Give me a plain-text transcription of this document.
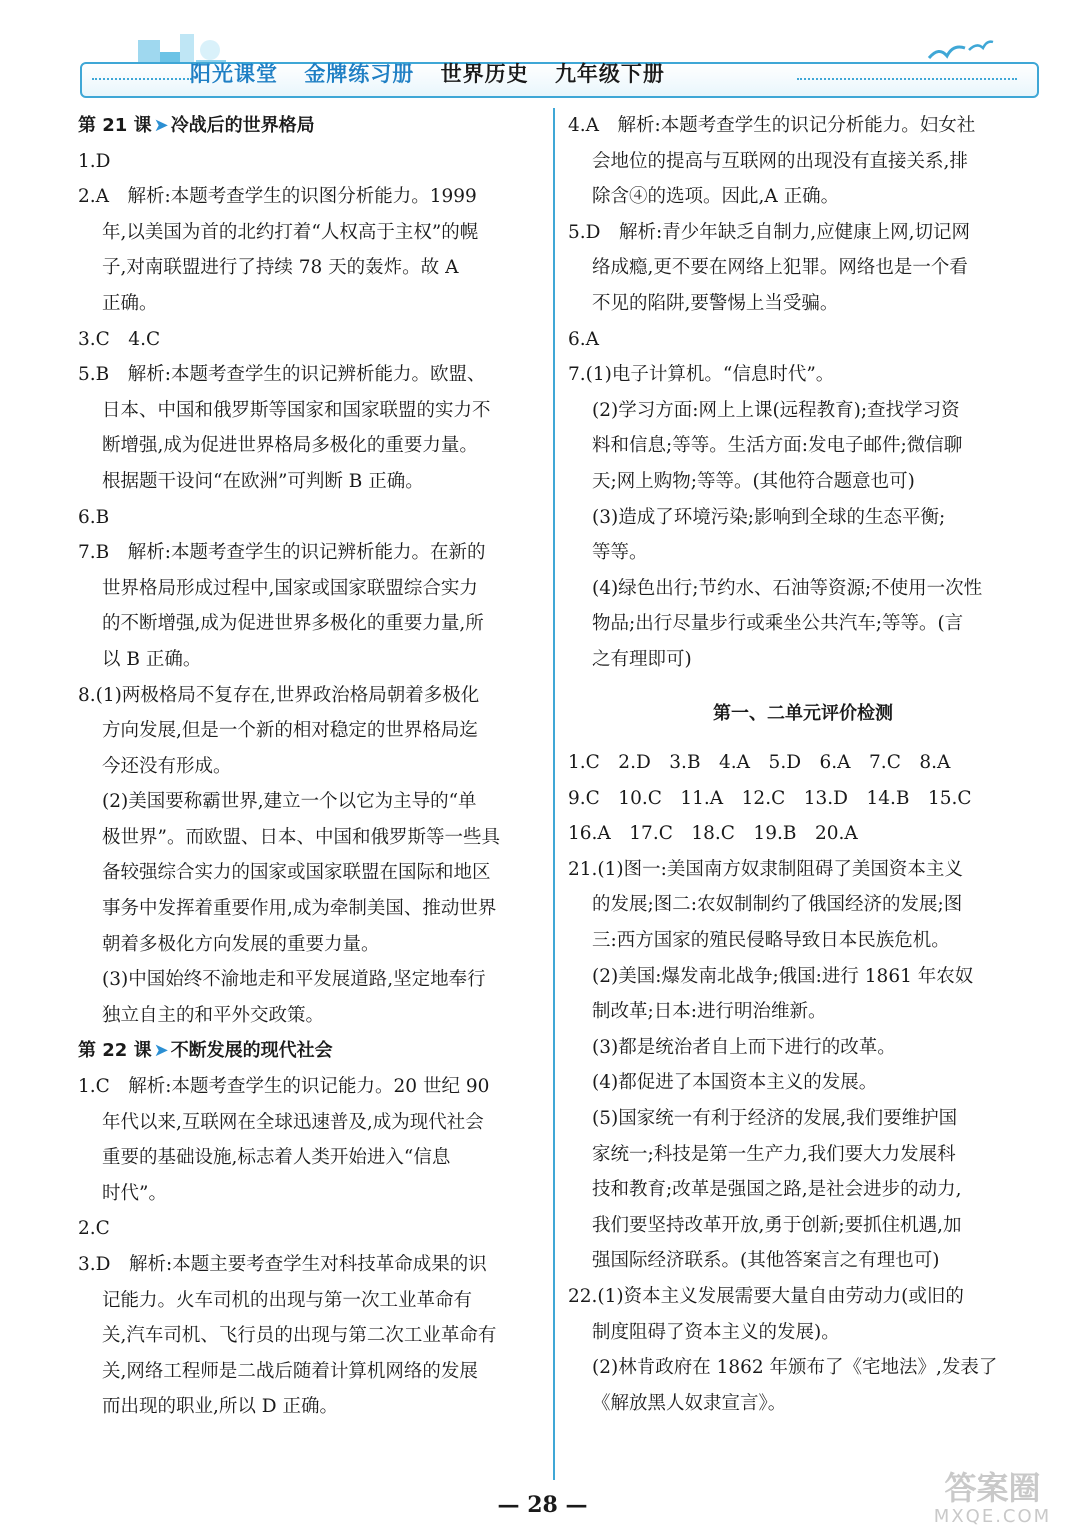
阳光课堂 金牌练习册 世界历史 九年级下册
第 21 课 ➤ 冷战后的世界格局
1.D
2.A　解析:本题考查学生的识图分析能力。1999
年,以美国为首的北约打着“人权高于主权”的幌
子,对南联盟进行了持续 78 天的轰炸。故 A
正确。
3.C　4.C
5.B　解析:本题考查学生的识记辨析能力。欧盟、
日本、中国和俄罗斯等国家和国家联盟的实力不
断增强,成为促进世界格局多极化的重要力量。
根据题干设问“在欧洲”可判断 B 正确。
6.B
7.B　解析:本题考查学生的识记辨析能力。在新的
世界格局形成过程中,国家或国家联盟综合实力
的不断增强,成为促进世界多极化的重要力量,所
以 B 正确。
8.(1)两极格局不复存在,世界政治格局朝着多极化
方向发展,但是一个新的相对稳定的世界格局迄
今还没有形成。
(2)美国要称霸世界,建立一个以它为主导的“单
极世界”。而欧盟、日本、中国和俄罗斯等一些具
备较强综合实力的国家或国家联盟在国际和地区
事务中发挥着重要作用,成为牵制美国、推动世界
朝着多极化方向发展的重要力量。
(3)中国始终不渝地走和平发展道路,坚定地奉行
独立自主的和平外交政策。
第 22 课 ➤ 不断发展的现代社会
1.C　解析:本题考查学生的识记能力。20 世纪 90
年代以来,互联网在全球迅速普及,成为现代社会
重要的基础设施,标志着人类开始进入“信息
时代”。
2.C
3.D　解析:本题主要考查学生对科技革命成果的识
记能力。火车司机的出现与第一次工业革命有
关,汽车司机、飞行员的出现与第二次工业革命有
关,网络工程师是二战后随着计算机网络的发展
而出现的职业,所以 D 正确。
4.A　解析:本题考查学生的识记分析能力。妇女社
会地位的提高与互联网的出现没有直接关系,排
除含④的选项。因此,A 正确。
5.D　解析:青少年缺乏自制力,应健康上网,切记网
络成瘾,更不要在网络上犯罪。网络也是一个看
不见的陷阱,要警惕上当受骗。
6.A
7.(1)电子计算机。“信息时代”。
(2)学习方面:网上上课(远程教育);查找学习资
料和信息;等等。生活方面:发电子邮件;微信聊
天;网上购物;等等。(其他符合题意也可)
(3)造成了环境污染;影响到全球的生态平衡;
等等。
(4)绿色出行;节约水、石油等资源;不使用一次性
物品;出行尽量步行或乘坐公共汽车;等等。(言
之有理即可)
第一、二单元评价检测
1.C　2.D　3.B　4.A　5.D　6.A　7.C　8.A
9.C　10.C　11.A　12.C　13.D　14.B　15.C
16.A　17.C　18.C　19.B　20.A
21.(1)图一:美国南方奴隶制阻碍了美国资本主义
的发展;图二:农奴制制约了俄国经济的发展;图
三:西方国家的殖民侵略导致日本民族危机。
(2)美国:爆发南北战争;俄国:进行 1861 年农奴
制改革;日本:进行明治维新。
(3)都是统治者自上而下进行的改革。
(4)都促进了本国资本主义的发展。
(5)国家统一有利于经济的发展,我们要维护国
家统一;科技是第一生产力,我们要大力发展科
技和教育;改革是强国之路,是社会进步的动力,
我们要坚持改革开放,勇于创新;要抓住机遇,加
强国际经济联系。(其他答案言之有理也可)
22.(1)资本主义发展需要大量自由劳动力(或旧的
制度阻碍了资本主义的发展)。
(2)林肯政府在 1862 年颁布了《宅地法》,发表了
《解放黑人奴隶宣言》。
— 28 —	答案圈
MXQE.COM
